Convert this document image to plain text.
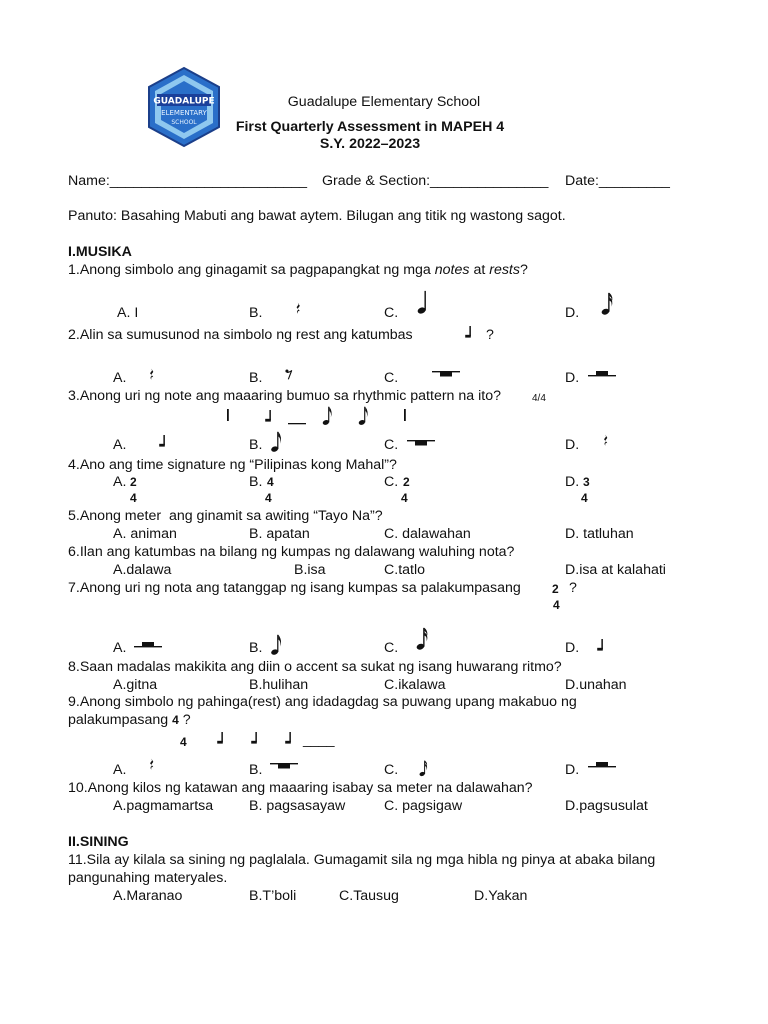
GUADALUPE
ELEMENTARY
SCHOOL
Guadalupe Elementary School
First Quarterly Assessment in MAPEH 4
S.Y. 2022–2023
Name:_________________________ Grade & Section:_______________ Date:_________
Panuto: Basahing Mabuti ang bawat aytem. Bilugan ang titik ng wastong sagot.
I.MUSIKA
1.Anong simbolo ang ginagamit sa pagpapangkat ng mga notes at rests?
A. I	B.	C.	D.
2.Alin sa sumusunod na simbolo ng rest ang katumbas	?
A.	B.	C.	D.
3.Anong uri ng note ang maaaring bumuo sa rhythmic pattern na ito?	4/4
A.	B.	C.	D.
4.Ano ang time signature ng “Pilipinas kong Mahal”?
A. 2
4
B. 4
4
C. 2
4
D. 3
4
5.Anong meter  ang ginamit sa awiting “Tayo Na”?
A. animan	B. apatan	C. dalawahan	D. tatluhan
6.Ilan ang katumbas na bilang ng kumpas ng dalawang waluhing nota?
A.dalawa	B.isa	C.tatlo	D.isa at kalahati
7.Anong uri ng nota ang tatanggap ng isang kumpas sa palakumpasang	2 ?
4
A.	B.	C.	D.
8.Saan madalas makikita ang diin o accent sa sukat ng isang huwarang ritmo?
A.gitna	B.hulihan	C.ikalawa	D.unahan
9.Anong simbolo ng pahinga(rest) ang idadagdag sa puwang upang makabuo ng
palakumpasang 4 ?
4	____
A.	B.	C.	D.
10.Anong kilos ng katawan ang maaaring isabay sa meter na dalawahan?
A.pagmamartsa	B. pagsasayaw	C. pagsigaw	D.pagsusulat
II.SINING
11.Sila ay kilala sa sining ng paglalala. Gumagamit sila ng mga hibla ng pinya at abaka bilang
pangunahing materyales.
A.Maranao	B.T’boli	C.Tausug	D.Yakan
